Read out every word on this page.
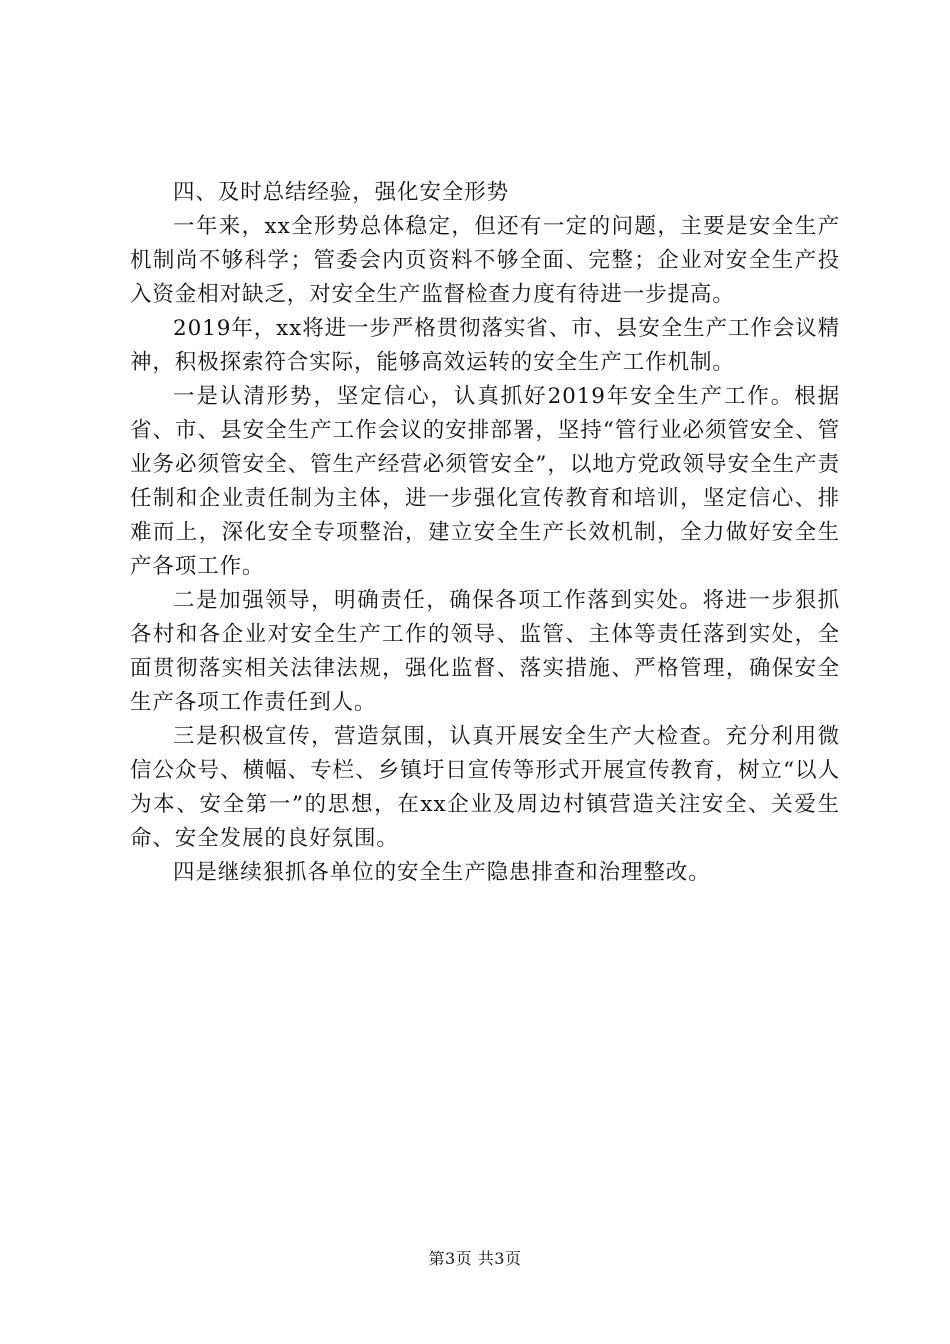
四、及时总结经验，强化安全形势

一年来，xx全形势总体稳定，但还有一定的问题，主要是安全生产机制尚不够科学；管委会内页资料不够全面、完整；企业对安全生产投入资金相对缺乏，对安全生产监督检查力度有待进一步提高。

2019年，xx将进一步严格贯彻落实省、市、县安全生产工作会议精神，积极探索符合实际，能够高效运转的安全生产工作机制。

一是认清形势，坚定信心，认真抓好2019年安全生产工作。根据省、市、县安全生产工作会议的安排部署，坚持“管行业必须管安全、管业务必须管安全、管生产经营必须管安全”，以地方党政领导安全生产责任制和企业责任制为主体，进一步强化宣传教育和培训，坚定信心、排难而上，深化安全专项整治，建立安全生产长效机制，全力做好安全生产各项工作。

二是加强领导，明确责任，确保各项工作落到实处。将进一步狠抓各村和各企业对安全生产工作的领导、监管、主体等责任落到实处，全面贯彻落实相关法律法规，强化监督、落实措施、严格管理，确保安全生产各项工作责任到人。

三是积极宣传，营造氛围，认真开展安全生产大检查。充分利用微信公众号、横幅、专栏、乡镇圩日宣传等形式开展宣传教育，树立“以人为本、安全第一”的思想，在xx企业及周边村镇营造关注安全、关爱生命、安全发展的良好氛围。

四是继续狠抓各单位的安全生产隐患排查和治理整改。

第3页 共3页
